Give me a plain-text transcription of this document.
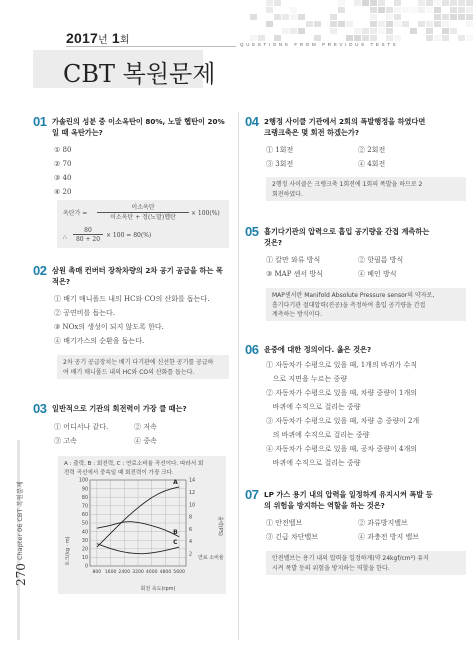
2017년 1회	QUESTIONS FROM PREVIOUS TESTS
CBT 복원문제
Chapter 06 CBT 복원문제
270
01 가솔린의 성분 중 이소옥탄이 80%, 노말 헵탄이 20%
일 때 옥탄가는?
① 80
② 70
③ 40
④ 20
옥탄가 =
이소옥탄
이소옥탄 + 정(노말)헵탄
× 100(%)
∴
80
80 + 20
× 100 = 80(%)
02 삼원 촉매 컨버터 장착차량의 2차 공기 공급을 하는 목
적은?
① 배기 매니폴드 내의 HC와 CO의 산화를 돕는다.
② 공연비를 돕는다.
③ NOx의 생성이 되지 않도록 한다.
④ 배기가스의 순환을 돕는다.
2차 공기 공급장치는 배기 다기관에 신선한 공기를 공급하
여 배기 매니폴드 내의 HC와 CO의 산화를 돕는다.
03 일반적으로 기관의 회전력이 가장 클 때는?
① 어디서나 같다.	② 저속
③ 고속	④ 중속
A : 출력, B : 회전력, C : 연료소비율 곡선이다. 따라서 회
전력 곡선에서 중속일 때 회전력이 가장 크다.
A
B
C
0
10
20
30
40
50
60
70
80
90
100
2
4
6
8
10
12
14
800 1600 2400 3200 4000 4800 5600
토크(kg · m)
출력(PS)
연료 소비율
회전 속도(rpm)
04 2행정 사이클 기관에서 2회의 폭발행정을 하였다면
크랭크축은 몇 회전 하겠는가?
① 1회전	② 2회전
③ 3회전	④ 4회전
2행정 사이클은 크랭크축 1회전에 1회의 폭발을 하므로 2
회전하였다.
05 흡기다기관의 압력으로 흡입 공기량을 간접 계측하는
것은?
① 칼만 와류 방식	② 핫필름 방식
③ MAP 센서 방식	④ 베인 방식
MAP센서란 Manifold Absolute Pressure sensor의 약자로,
흡기다기관 절대압력(진공)을 측정하여 흡입 공기량을 간접
계측하는 방식이다.
06 윤중에 대한 정의이다. 옳은 것은?
① 자동차가 수평으로 있을 때, 1개의 바퀴가 수직
으로 지면을 누르는 중량
② 자동차가 수평으로 있을 때, 차량 중량이 1개의
바퀴에 수직으로 걸리는 중량
③ 자동차가 수평으로 있을 때, 차량 총 중량이 2개
의 바퀴에 수직으로 걸리는 중량
④ 자동차가 수평으로 있을 때, 공차 중량이 4개의
바퀴에 수직으로 걸리는 중량
07 LP 가스 용기 내의 압력을 일정하게 유지시켜 폭발 등
의 위험을 방지하는 역할을 하는 것은?
① 안전밸브	② 과류방지밸브
③ 긴급 차단밸브	④ 과충전 방지 밸브
안전밸브는 용기 내의 압력을 일정하게(약 24kgf/cm²) 유지
시켜 폭발 등의 위험을 방지하는 역할을 한다.
